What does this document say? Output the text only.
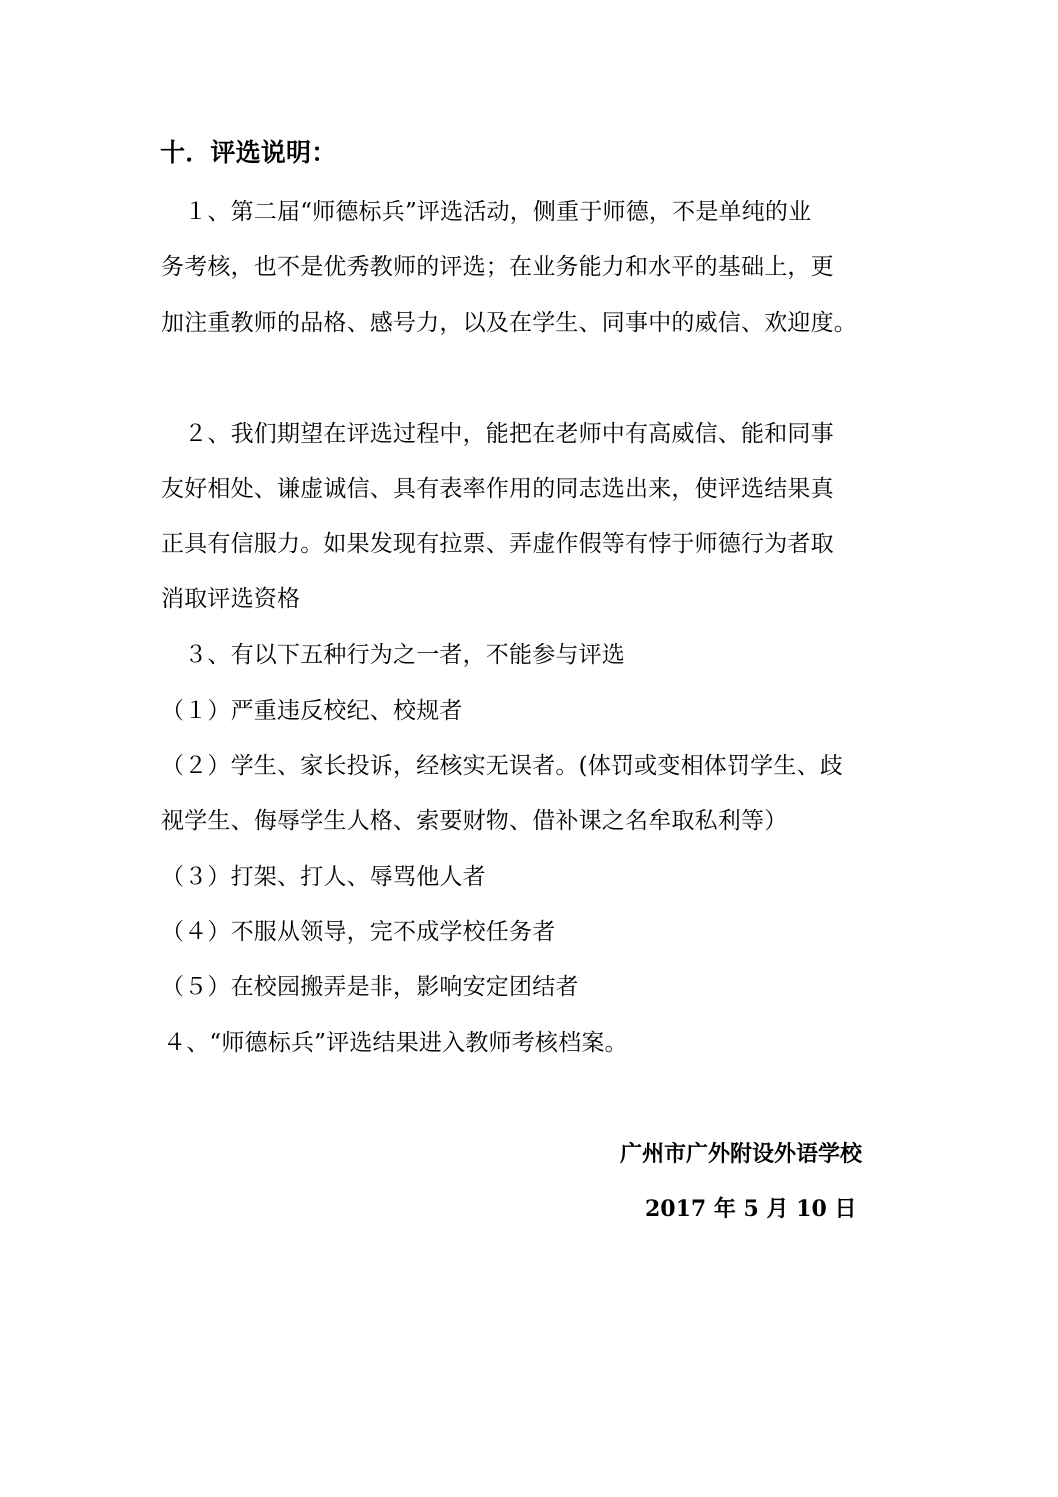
十．评选说明：
　１、第二届“师德标兵”评选活动，侧重于师德，不是单纯的业
务考核，也不是优秀教师的评选；在业务能力和水平的基础上，更
加注重教师的品格、感号力，以及在学生、同事中的威信、欢迎度。
　２、我们期望在评选过程中，能把在老师中有高威信、能和同事
友好相处、谦虚诚信、具有表率作用的同志选出来，使评选结果真
正具有信服力。如果发现有拉票、弄虚作假等有悖于师德行为者取
消取评选资格
　３、有以下五种行为之一者，不能参与评选
（１）严重违反校纪、校规者
（２）学生、家长投诉，经核实无误者。(体罚或变相体罚学生、歧
视学生、侮辱学生人格、索要财物、借补课之名牟取私利等）
（３）打架、打人、辱骂他人者
（４）不服从领导，完不成学校任务者
（５）在校园搬弄是非，影响安定团结者
４、“师德标兵”评选结果进入教师考核档案。
广州市广外附设外语学校
2017 年 5 月 10 日
